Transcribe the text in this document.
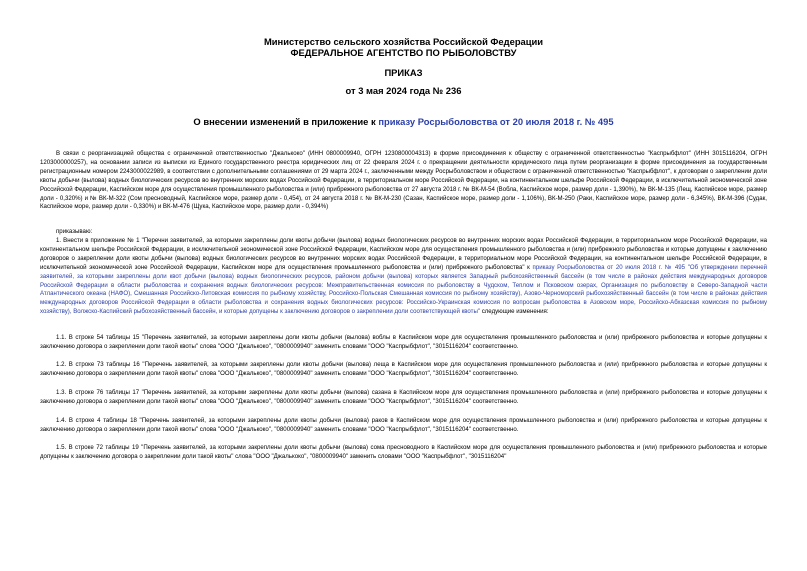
Министерство сельского хозяйства Российской Федерации
ФЕДЕРАЛЬНОЕ АГЕНТСТВО ПО РЫБОЛОВСТВУ
ПРИКАЗ
от 3 мая 2024 года № 236
О внесении изменений в приложение к приказу Росрыболовства от 20 июля 2018 г. № 495

В связи с реорганизацией общества с ограниченной ответственностью "Джалькоко" (ИНН 0800009940, ОГРН 1230800004313) в форме присоединения к обществу с ограниченной ответственностью "Каспрыбфлот" (ИНН 3015116204, ОГРН 1203000000257), на основании записи из выписки из Единого государственного реестра юридических лиц от 22 февраля 2024 г. о прекращении деятельности юридического лица путем реорганизации в форме присоединения за государственным регистрационным номером 2243000022989, в соответствии с дополнительными соглашениями от 29 марта 2024 г., заключенными между Росрыболовством и обществом с ограниченной ответственностью "Каспрыбфлот", к договорам о закреплении доли квоты добычи (вылова) водных биологических ресурсов во внутренних морских водах Российской Федерации, в территориальном море Российской Федерации, на континентальном шельфе Российской Федерации, в исключительной экономической зоне Российской Федерации, Каспийском море для осуществления промышленного рыболовства и (или) прибрежного рыболовства от 27 августа 2018 г. № ВК-М-54 (Вобла, Каспийское море, размер доли - 1,390%), № ВК-М-135 (Лещ, Каспийское море, размер доли - 0,320%) и № ВК-М-322 (Сом пресноводный, Каспийское море, размер доли - 0,454), от 24 августа 2018 г. № ВК-М-230 (Сазан, Каспийское море, размер доли - 1,106%), ВК-М-250 (Раки, Каспийское море, размер доли - 6,345%), ВК-М-396 (Судак, Каспийское море, размер доли - 0,330%) и ВК-М-476 (Щука, Каспийское море, размер доли - 0,394%)

приказываю:

1. Внести в приложение № 1 "Перечни заявителей, за которыми закреплены доли квоты добычи (вылова) водных биологических ресурсов во внутренних морских водах Российской Федерации, в территориальном море Российской Федерации, на континентальном шельфе Российской Федерации, в исключительной экономической зоне Российской Федерации, Каспийском море для осуществления промышленного рыболовства и (или) прибрежного рыболовства и которые допущены к заключению договоров о закреплении доли квоты добычи (вылова) водных биологических ресурсов во внутренних морских водах Российской Федерации, в территориальном море Российской Федерации, на континентальном шельфе Российской Федерации, в исключительной экономической зоне Российской Федерации, Каспийском море для осуществления промышленного рыболовства и (или) прибрежного рыболовства" к приказу Росрыболовства от 20 июля 2018 г. № 495 "Об утверждении перечней заявителей, за которыми закреплены доли квот добычи (вылова) водных биологических ресурсов, районом добычи (вылова) которых является Западный рыбохозяйственный бассейн (в том числе в районах действия международных договоров Российской Федерации в области рыболовства и сохранения водных биологических ресурсов: Межправительственная комиссия по рыболовству в Чудском, Теплом и Псковском озерах, Организация по рыболовству в Северо-Западной части Атлантического океана (НАФО), Смешанная Российско-Литовская комиссия по рыбному хозяйству, Российско-Польская Смешанная комиссия по рыбному хозяйству), Азово-Черноморский рыбохозяйственный бассейн (в том числе в районах действия международных договоров Российской Федерации в области рыболовства и сохранения водных биологических ресурсов: Российско-Украинская комиссия по вопросам рыболовства в Азовском море, Российско-Абхазская комиссия по рыбному хозяйству), Волжско-Каспийский рыбохозяйственный бассейн, и которые допущены к заключению договоров о закреплении доли соответствующей квоты" следующие изменения:

1.1. В строке 54 таблицы 15 "Перечень заявителей, за которыми закреплены доли квоты добычи (вылова) воблы в Каспийском море для осуществления промышленного рыболовства и (или) прибрежного рыболовства и которые допущены к заключению договора о закреплении доли такой квоты" слова "ООО "Джалькоко", "0800009940" заменить словами "ООО "Каспрыбфлот", "3015116204" соответственно.

1.2. В строке 73 таблицы 16 "Перечень заявителей, за которыми закреплены доли квоты добычи (вылова) леща в Каспийском море для осуществления промышленного рыболовства и (или) прибрежного рыболовства и которые допущены к заключению договора о закреплении доли такой квоты" слова "ООО "Джалькоко", "0800009940" заменить словами "ООО "Каспрыбфлот", "3015116204" соответственно.

1.3. В строке 76 таблицы 17 "Перечень заявителей, за которыми закреплены доли квоты добычи (вылова) сазана в Каспийском море для осуществления промышленного рыболовства и (или) прибрежного рыболовства и которые допущены к заключению договора о закреплении доли такой квоты" слова "ООО "Джалькоко", "0800009940" заменить словами "ООО "Каспрыбфлот", "3015116204" соответственно.

1.4. В строке 4 таблицы 18 "Перечень заявителей, за которыми закреплены доли квоты добычи (вылова) раков в Каспийском море для осуществления промышленного рыболовства и (или) прибрежного рыболовства и которые допущены к заключению договора о закреплении доли такой квоты" слова "ООО "Джалькоко", "0800009940" заменить словами "ООО "Каспрыбфлот", "3015116204" соответственно.

1.5. В строке 72 таблицы 19 "Перечень заявителей, за которыми закреплены доли квоты добычи (вылова) сома пресноводного в Каспийском море для осуществления промышленного рыболовства и (или) прибрежного рыболовства и которые допущены к заключению договора о закреплении доли такой квоты" слова "ООО "Джалькоко", "0800009940" заменить словами "ООО "Каспрыбфлот", "3015116204"
